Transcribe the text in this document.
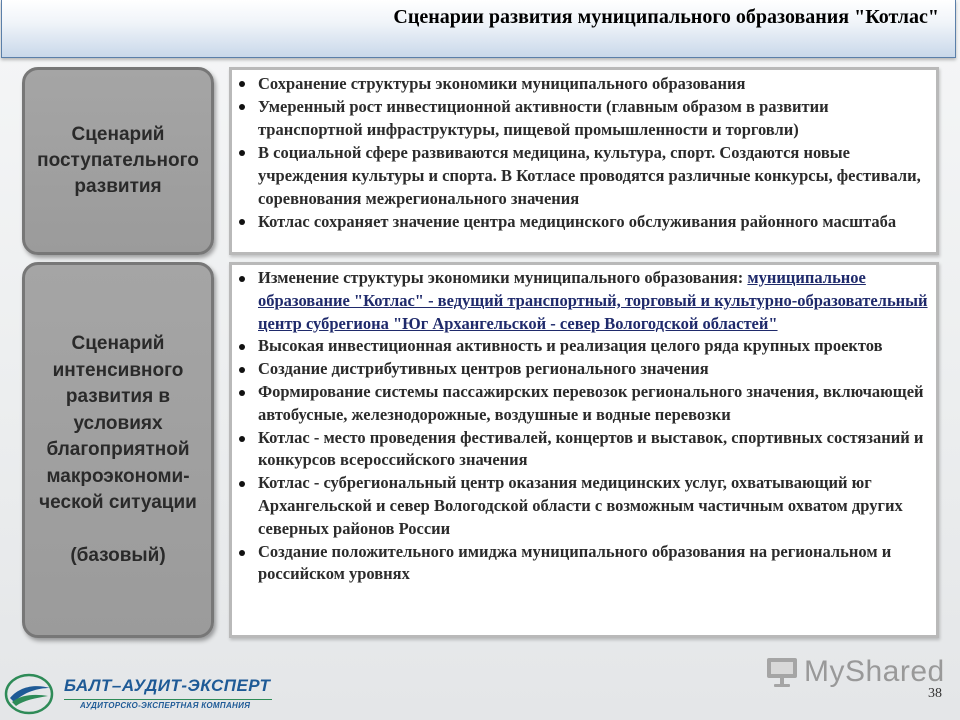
Сценарии развития муниципального образования "Котлас"
Сценарий
поступательного
развития
Сохранение структуры экономики муниципального образования
Умеренный рост инвестиционной активности (главным образом в развитии транспортной инфраструктуры, пищевой промышленности и торговли)
В социальной сфере развиваются медицина, культура, спорт. Создаются новые учреждения культуры и спорта. В Котласе проводятся различные конкурсы, фестивали, соревнования межрегионального значения
Котлас сохраняет значение центра медицинского обслуживания районного масштаба
Сценарий
интенсивного
развития в
условиях
благоприятной
макроэкономи-
ческой ситуации
(базовый)
Изменение структуры экономики муниципального образования: муниципальное образование "Котлас" - ведущий транспортный, торговый и культурно-образовательный центр субрегиона "Юг Архангельской - север Вологодской областей"
Высокая инвестиционная активность и реализация целого ряда крупных проектов
Создание дистрибутивных центров регионального значения
Формирование системы пассажирских перевозок регионального значения, включающей автобусные, железнодорожные, воздушные и водные перевозки
Котлас - место проведения фестивалей, концертов и выставок, спортивных состязаний и конкурсов всероссийского значения
Котлас - субрегиональный центр оказания медицинских услуг, охватывающий юг Архангельской и север Вологодской области с возможным частичным охватом других северных районов России
Создание положительного имиджа муниципального образования на региональном и российском уровнях
БАЛТ–АУДИТ-ЭКСПЕРТ
АУДИТОРСКО-ЭКСПЕРТНАЯ КОМПАНИЯ
MyShared
38
